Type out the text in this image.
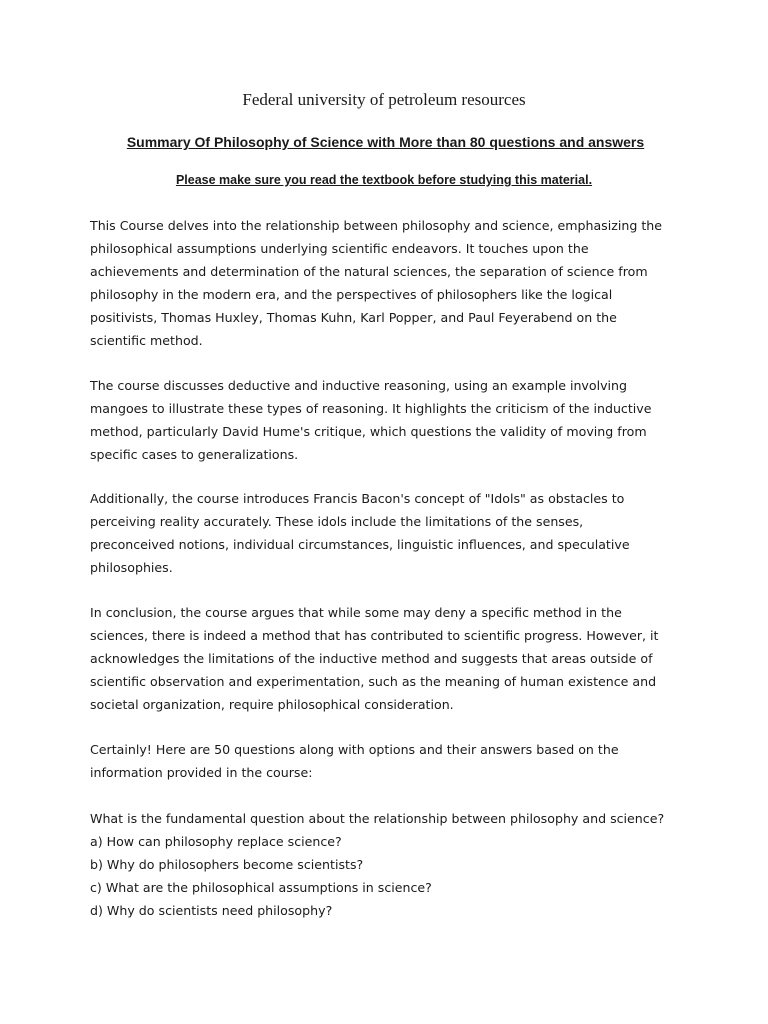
Federal university of petroleum resources
Summary Of Philosophy of Science with More than 80 questions and answers
Please make sure you read the textbook before studying this material.
This Course delves into the relationship between philosophy and science, emphasizing the
philosophical assumptions underlying scientific endeavors. It touches upon the
achievements and determination of the natural sciences, the separation of science from
philosophy in the modern era, and the perspectives of philosophers like the logical
positivists, Thomas Huxley, Thomas Kuhn, Karl Popper, and Paul Feyerabend on the
scientific method.
The course discusses deductive and inductive reasoning, using an example involving
mangoes to illustrate these types of reasoning. It highlights the criticism of the inductive
method, particularly David Hume's critique, which questions the validity of moving from
specific cases to generalizations.
Additionally, the course introduces Francis Bacon's concept of "Idols" as obstacles to
perceiving reality accurately. These idols include the limitations of the senses,
preconceived notions, individual circumstances, linguistic influences, and speculative
philosophies.
In conclusion, the course argues that while some may deny a specific method in the
sciences, there is indeed a method that has contributed to scientific progress. However, it
acknowledges the limitations of the inductive method and suggests that areas outside of
scientific observation and experimentation, such as the meaning of human existence and
societal organization, require philosophical consideration.
Certainly! Here are 50 questions along with options and their answers based on the
information provided in the course:
What is the fundamental question about the relationship between philosophy and science?
a) How can philosophy replace science?
b) Why do philosophers become scientists?
c) What are the philosophical assumptions in science?
d) Why do scientists need philosophy?
